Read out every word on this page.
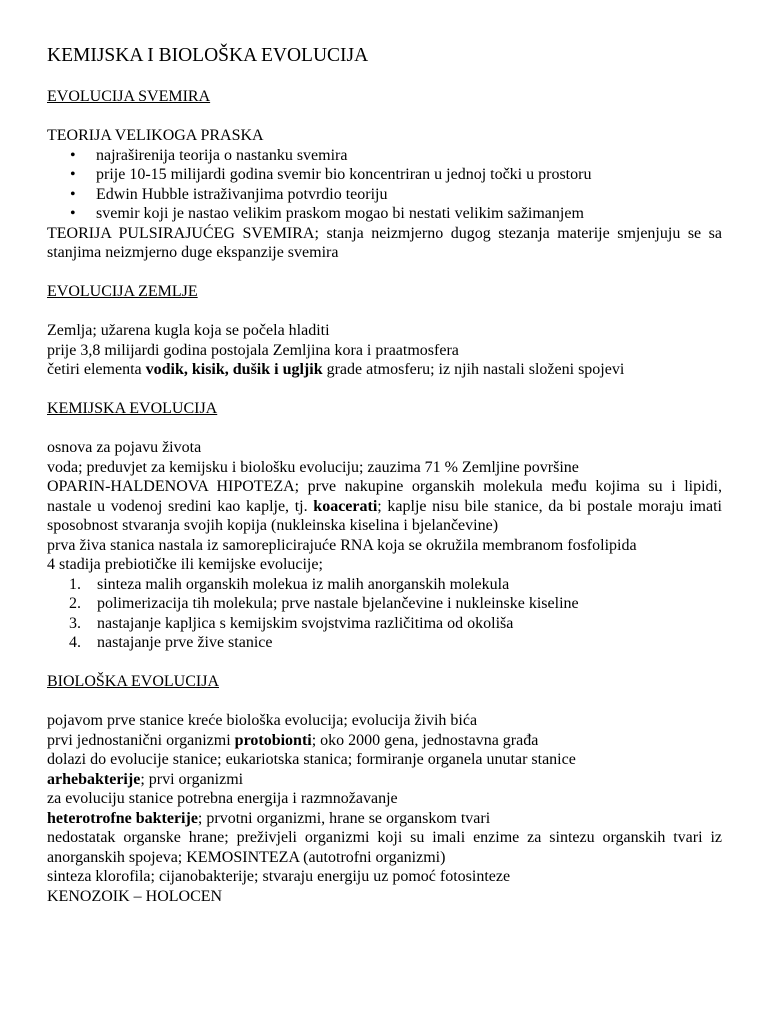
KEMIJSKA I BIOLOŠKA EVOLUCIJA
EVOLUCIJA SVEMIRA

TEORIJA VELIKOGA PRASKA

• najraširenija teorija o nastanku svemira
• prije 10-15 milijardi godina svemir bio koncentriran u jednoj točki u prostoru
• Edwin Hubble istraživanjima potvrdio teoriju
• svemir koji je nastao velikim praskom mogao bi nestati velikim sažimanjem

TEORIJA PULSIRAJUĆEG SVEMIRA; stanja neizmjerno dugog stezanja materije smjenjuju se sa stanjima neizmjerno duge ekspanzije svemira

EVOLUCIJA ZEMLJE

Zemlja; užarena kugla koja se počela hladiti

prije 3,8 milijardi godina postojala Zemljina kora i praatmosfera

četiri elementa vodik, kisik, dušik i ugljik grade atmosferu; iz njih nastali složeni spojevi

KEMIJSKA EVOLUCIJA

osnova za pojavu života

voda; preduvjet za kemijsku i biološku evoluciju; zauzima 71 % Zemljine površine

OPARIN-HALDENOVA HIPOTEZA; prve nakupine organskih molekula među kojima su i lipidi, nastale u vodenoj sredini kao kaplje, tj. koacerati; kaplje nisu bile stanice, da bi postale moraju imati sposobnost stvaranja svojih kopija (nukleinska kiselina i bjelančevine)

prva živa stanica nastala iz samoreplicirajuće RNA koja se okružila membranom fosfolipida

4 stadija prebiotičke ili kemijske evolucije;

1.	sinteza malih organskih molekua iz malih anorganskih molekula
2.	polimerizacija tih molekula; prve nastale bjelančevine i nukleinske kiseline
3.	nastajanje kapljica s kemijskim svojstvima različitima od okoliša
4.	nastajanje prve žive stanice
BIOLOŠKA EVOLUCIJA

pojavom prve stanice kreće biološka evolucija; evolucija živih bića

prvi jednostanični organizmi protobionti; oko 2000 gena, jednostavna građa

dolazi do evolucije stanice; eukariotska stanica; formiranje organela unutar stanice

arhebakterije; prvi organizmi

za evoluciju stanice potrebna energija i razmnožavanje

heterotrofne bakterije; prvotni organizmi, hrane se organskom tvari

nedostatak organske hrane; preživjeli organizmi koji su imali enzime za sintezu organskih tvari iz anorganskih spojeva; KEMOSINTEZA (autotrofni organizmi)

sinteza klorofila; cijanobakterije; stvaraju energiju uz pomoć fotosinteze

KENOZOIK – HOLOCEN
